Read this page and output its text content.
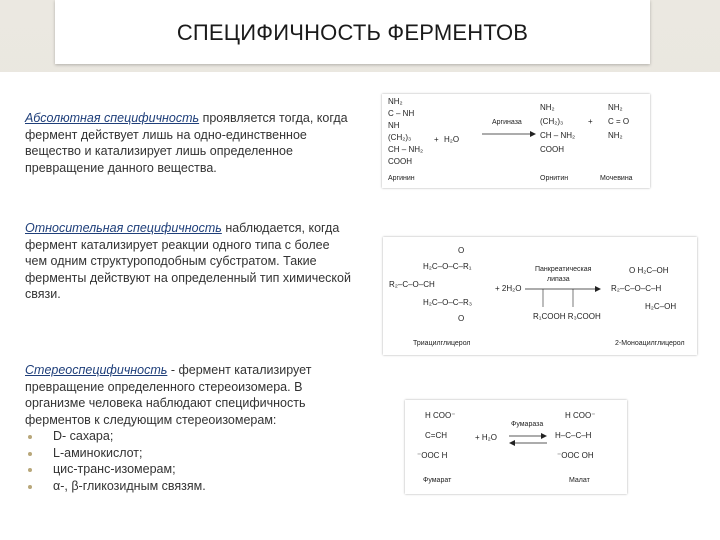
СПЕЦИФИЧНОСТЬ ФЕРМЕНТОВ
Абсолютная специфичность проявляется тогда, когда фермент действует лишь на одно-единственное вещество и катализирует лишь определенное превращение данного вещества.
Относительная специфичность наблюдается, когда фермент катализирует реакции одного типа с более чем одним структуроподобным субстратом. Такие ферменты действуют на определенный тип химической связи.
Стереоспецифичность - фермент катализирует превращение определенного стереоизомера. В организме человека наблюдают специфичность ферментов к следующим стереоизомерам:
D- сахара;
L-аминокислот;
цис-транс-изомерам;
α-, β-гликозидным связям.
NH₂
C – NH
NH
(CH₂)₃
CH – NH₂
COOH
Аргинин
+ H₂O
Аргиназа
NH₂
(CH₂)₃
CH – NH₂
COOH
Орнитин
+
NH₂
C = O
NH₂
Мочевина
O
H₂C–O–C–R₁
R₂–C–O–CH
H₂C–O–C–R₃
O
Триацилглицерол
+ 2H₂O
Панкреатическая
липаза
R₁COOH R₃COOH
O H₂C–OH
R₂–C–O–C–H
H₂C–OH
2-Моноацилглицерол
H COO⁻
C=CH
⁻OOC H
Фумарат
+ H₂O
Фумараза
H COO⁻
H–C–C–H
⁻OOC OH
Малат
